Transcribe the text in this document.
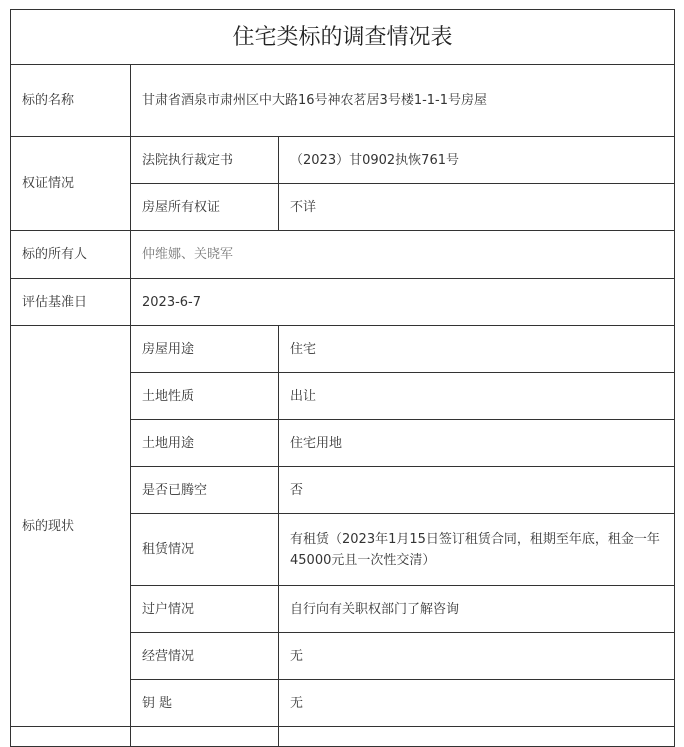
住宅类标的调查情况表		
标的名称	甘肃省酒泉市肃州区中大路16号神农茗居3号楼1-1-1号房屋	
权证情况	法院执行裁定书	（2023）甘0902执恢761号
	房屋所有权证	不详
标的所有人	仲维娜、关晓军	
评估基准日	2023-6-7	
标的现状	房屋用途	住宅
	土地性质	出让
	土地用途	住宅用地
	是否已腾空	否
	租赁情况	有租赁（2023年1月15日签订租赁合同，租期至年底，租金一年45000元且一次性交清）
	过户情况	自行向有关职权部门了解咨询
	经营情况	无
	钥 匙	无
